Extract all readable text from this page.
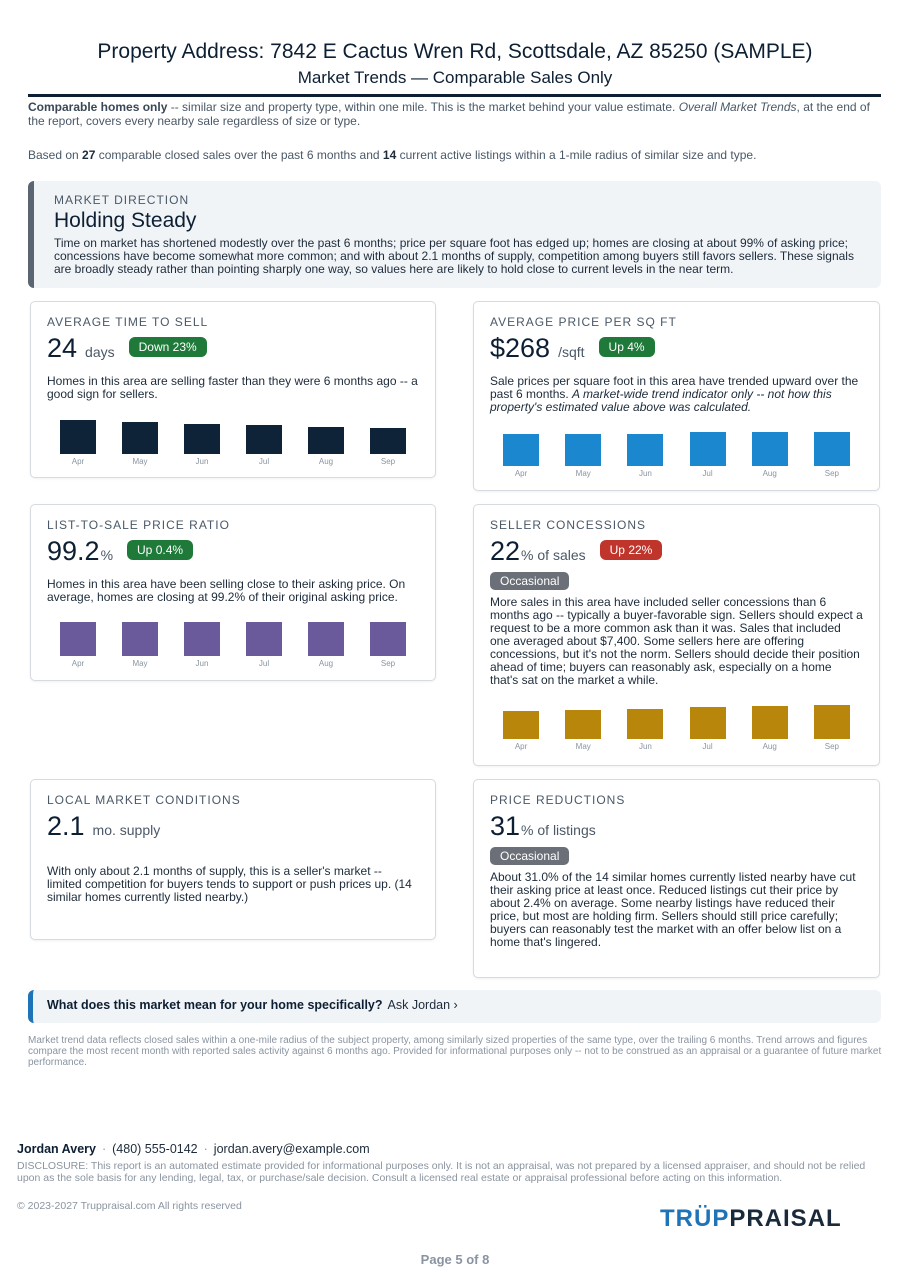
Property Address: 7842 E Cactus Wren Rd, Scottsdale, AZ 85250 (SAMPLE)
Market Trends — Comparable Sales Only
Comparable homes only -- similar size and property type, within one mile. This is the market behind your value estimate. Overall Market Trends, at the end of the report, covers every nearby sale regardless of size or type.
Based on 27 comparable closed sales over the past 6 months and 14 current active listings within a 1-mile radius of similar size and type.
MARKET DIRECTION
Holding Steady
Time on market has shortened modestly over the past 6 months; price per square foot has edged up; homes are closing at about 99% of asking price; concessions have become somewhat more common; and with about 2.1 months of supply, competition among buyers still favors sellers. These signals are broadly steady rather than pointing sharply one way, so values here are likely to hold close to current levels in the near term.
AVERAGE TIME TO SELL
24 days	Down 23%
Homes in this area are selling faster than they were 6 months ago -- a good sign for sellers.
Apr	May	Jun	Jul	Aug	Sep
AVERAGE PRICE PER SQ FT
$268 /sqft	Up 4%
Sale prices per square foot in this area have trended upward over the past 6 months. A market-wide trend indicator only -- not how this property's estimated value above was calculated.
Apr	May	Jun	Jul	Aug	Sep
LIST-TO-SALE PRICE RATIO
99.2 %	Up 0.4%
Homes in this area have been selling close to their asking price. On average, homes are closing at 99.2% of their original asking price.
Apr	May	Jun	Jul	Aug	Sep
SELLER CONCESSIONS
22 % of sales	Up 22%
Occasional
More sales in this area have included seller concessions than 6 months ago -- typically a buyer-favorable sign. Sellers should expect a request to be a more common ask than it was. Sales that included one averaged about $7,400. Some sellers here are offering concessions, but it's not the norm. Sellers should decide their position ahead of time; buyers can reasonably ask, especially on a home that's sat on the market a while.
Apr	May	Jun	Jul	Aug	Sep
LOCAL MARKET CONDITIONS
2.1 mo. supply
With only about 2.1 months of supply, this is a seller's market -- limited competition for buyers tends to support or push prices up. (14 similar homes currently listed nearby.)
PRICE REDUCTIONS
31 % of listings
Occasional
About 31.0% of the 14 similar homes currently listed nearby have cut their asking price at least once. Reduced listings cut their price by about 2.4% on average. Some nearby listings have reduced their price, but most are holding firm. Sellers should still price carefully; buyers can reasonably test the market with an offer below list on a home that's lingered.
What does this market mean for your home specifically? Ask Jordan ›
Market trend data reflects closed sales within a one-mile radius of the subject property, among similarly sized properties of the same type, over the trailing 6 months. Trend arrows and figures compare the most recent month with reported sales activity against 6 months ago. Provided for informational purposes only -- not to be construed as an appraisal or a guarantee of future market performance.
Jordan Avery · (480) 555-0142 · jordan.avery@example.com
DISCLOSURE: This report is an automated estimate provided for informational purposes only. It is not an appraisal, was not prepared by a licensed appraiser, and should not be relied upon as the sole basis for any lending, legal, tax, or purchase/sale decision. Consult a licensed real estate or appraisal professional before acting on this information.
© 2023-2027 Truppraisal.com All rights reserved	TRÜPPRAISAL
Page 5 of 8
